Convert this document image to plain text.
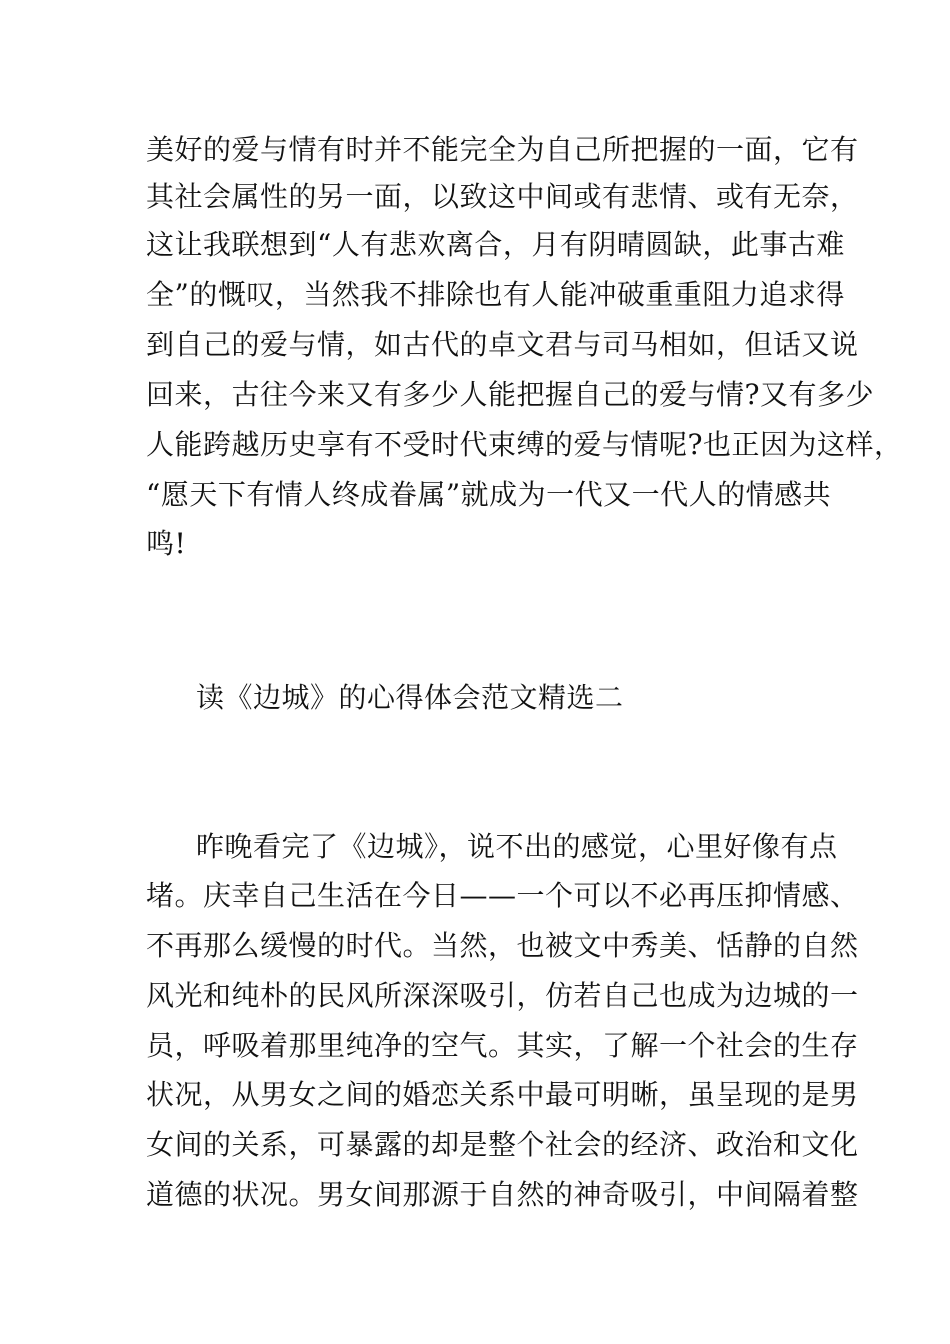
美好的爱与情有时并不能完全为自己所把握的一面，它有
其社会属性的另一面，以致这中间或有悲情、或有无奈，
这让我联想到“人有悲欢离合，月有阴晴圆缺，此事古难
全”的慨叹，当然我不排除也有人能冲破重重阻力追求得
到自己的爱与情，如古代的卓文君与司马相如，但话又说
回来，古往今来又有多少人能把握自己的爱与情?又有多少
人能跨越历史享有不受时代束缚的爱与情呢?也正因为这样，
“愿天下有情人终成眷属”就成为一代又一代人的情感共
鸣!
读《边城》的心得体会范文精选二
昨晚看完了《边城》，说不出的感觉，心里好像有点
堵。庆幸自己生活在今日——一个可以不必再压抑情感、
不再那么缓慢的时代。当然，也被文中秀美、恬静的自然
风光和纯朴的民风所深深吸引，仿若自己也成为边城的一
员，呼吸着那里纯净的空气。其实，了解一个社会的生存
状况，从男女之间的婚恋关系中最可明晰，虽呈现的是男
女间的关系，可暴露的却是整个社会的经济、政治和文化
道德的状况。男女间那源于自然的神奇吸引，中间隔着整
